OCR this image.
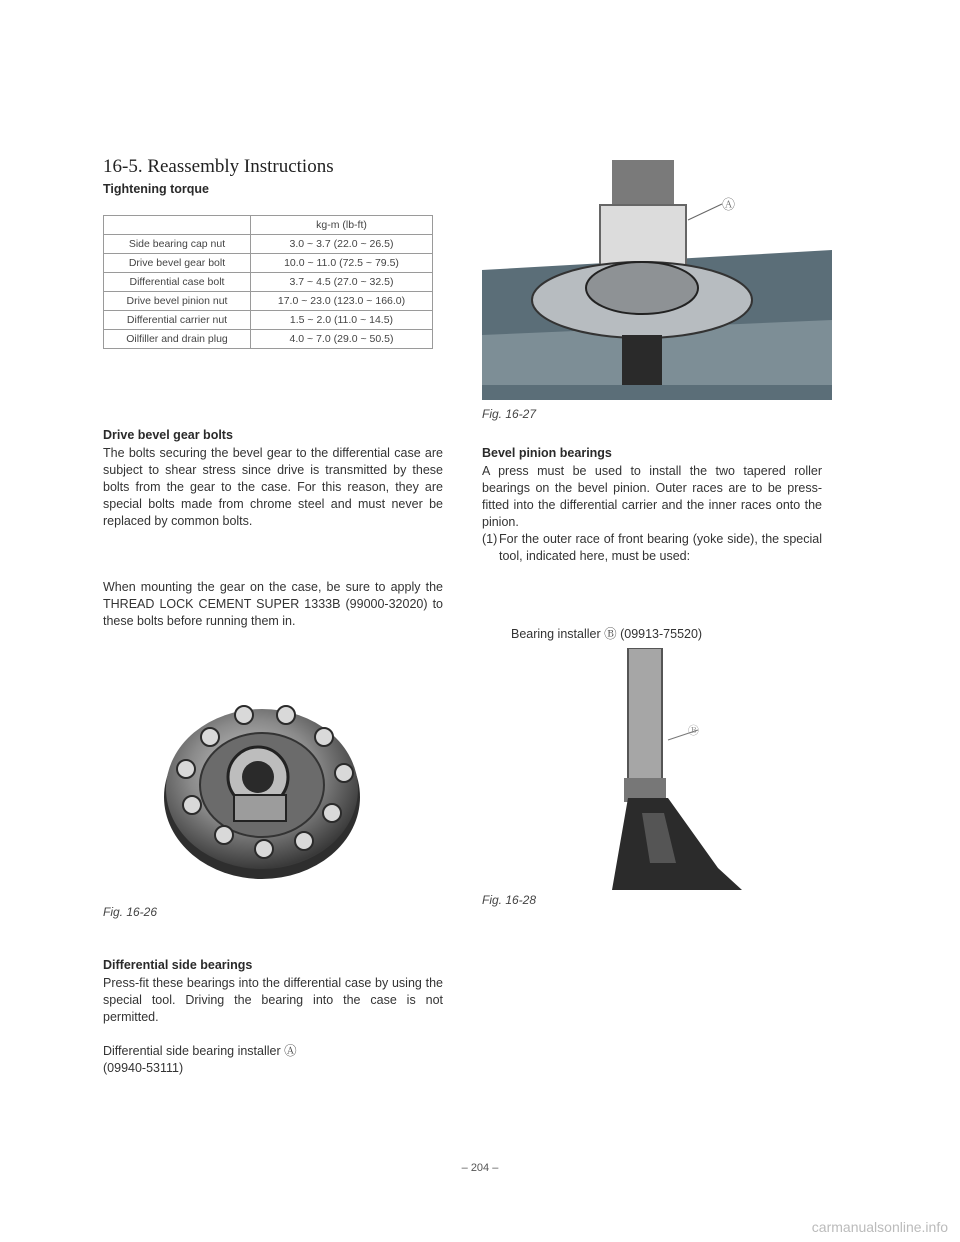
16-5. Reassembly Instructions
Tightening torque
	kg-m (lb-ft)
Side bearing cap nut	3.0 ~ 3.7 (22.0 ~ 26.5)
Drive bevel gear bolt	10.0 ~ 11.0 (72.5 ~ 79.5)
Differential case bolt	3.7 ~ 4.5 (27.0 ~ 32.5)
Drive bevel pinion nut	17.0 ~ 23.0 (123.0 ~ 166.0)
Differential carrier nut	1.5 ~ 2.0 (11.0 ~ 14.5)
Oilfiller and drain plug	4.0 ~ 7.0 (29.0 ~ 50.5)
Drive bevel gear bolts
The bolts securing the bevel gear to the differential case are subject to shear stress since drive is transmitted by these bolts from the gear to the case. For this reason, they are special bolts made from chrome steel and must never be replaced by common bolts.
When mounting the gear on the case, be sure to apply the THREAD LOCK CEMENT SUPER 1333B (99000-32020) to these bolts before running them in.
Fig. 16-26
Differential side bearings
Press-fit these bearings into the differential case by using the special tool. Driving the bearing into the case is not permitted.
Differential side bearing installer Ⓐ
(09940-53111)
Ⓐ
Fig. 16-27
Bevel pinion bearings
A press must be used to install the two tapered roller bearings on the bevel pinion. Outer races are to be press-fitted into the differential carrier and the inner races onto the pinion.
(1) For the outer race of front bearing (yoke side), the special tool, indicated here, must be used:
Bearing installer Ⓑ (09913-75520)
Ⓑ
Fig. 16-28
– 204 –
carmanualsonline.info
